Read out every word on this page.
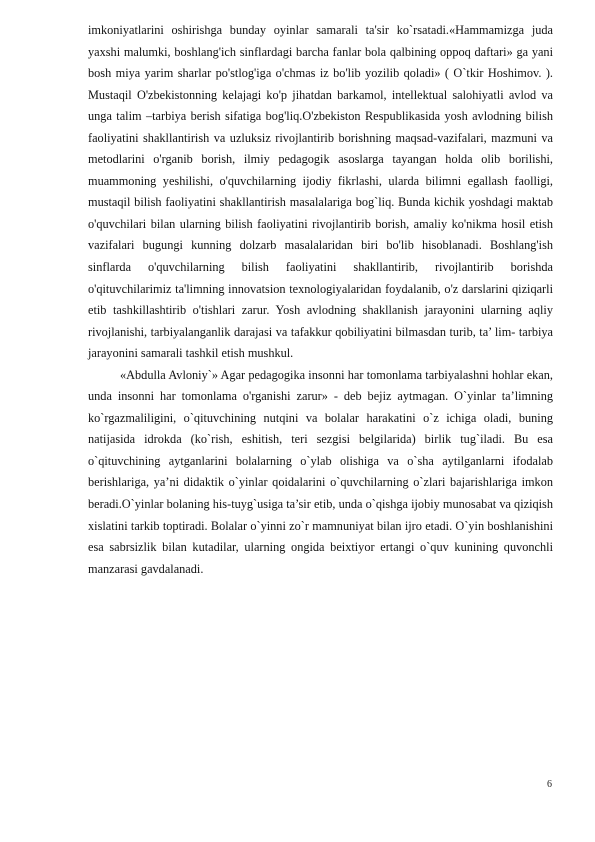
imkoniyatlarini oshirishga bunday oyinlar samarali ta'sir ko`rsatadi.«Hammamizga juda yaxshi malumki, boshlang'ich sinflardagi barcha fanlar bola qalbining oppoq daftari» ga yani bosh miya yarim sharlar po'stlog'iga o'chmas iz bo'lib yozilib qoladi» ( O`tkir Hoshimov. ). Mustaqil O'zbekistonning kelajagi ko'p jihatdan barkamol, intellektual salohiyatli avlod va unga talim –tarbiya berish sifatiga bog'liq.O'zbekiston Respublikasida yosh avlodning bilish faoliyatini shakllantirish va uzluksiz rivojlantirib borishning maqsad-vazifalari, mazmuni va metodlarini o'rganib borish, ilmiy pedagogik asoslarga tayangan holda olib borilishi, muammoning yeshilishi, o'quvchilarning ijodiy fikrlashi, ularda bilimni egallash faolligi, mustaqil bilish faoliyatini shakllantirish masalalariga bog`liq. Bunda kichik yoshdagi maktab o'quvchilari bilan ularning bilish faoliyatini rivojlantirib borish, amaliy ko'nikma hosil etish vazifalari bugungi kunning dolzarb masalalaridan biri bo'lib hisoblanadi. Boshlang'ish sinflarda o'quvchilarning bilish faoliyatini shakllantirib, rivojlantirib borishda o'qituvchilarimiz ta'limning innovatsion texnologiyalaridan foydalanib, o'z darslarini qiziqarli etib tashkillashtirib o'tishlari zarur. Yosh avlodning shakllanish jarayonini ularning aqliy rivojlanishi, tarbiyalanganlik darajasi va tafakkur qobiliyatini bilmasdan turib, ta’ lim- tarbiya jarayonini samarali tashkil etish mushkul.

«Abdulla Avloniy`» Agar pedagogika insonni har tomonlama tarbiyalashni hohlar ekan, unda insonni har tomonlama o'rganishi zarur» - deb bejiz aytmagan. O`yinlar ta’limning ko`rgazmaliligini, o`qituvchining nutqini va bolalar harakatini o`z ichiga oladi, buning natijasida idrokda (ko`rish, eshitish, teri sezgisi belgilarida) birlik tug`iladi. Bu esa o`qituvchining aytganlarini bolalarning o`ylab olishiga va o`sha aytilganlarni ifodalab berishlariga, ya’ni didaktik o`yinlar qoidalarini o`quvchilarning o`zlari bajarishlariga imkon beradi.O`yinlar bolaning his-tuyg`usiga ta’sir etib, unda o`qishga ijobiy munosabat va qiziqish xislatini tarkib toptiradi. Bolalar o`yinni zo`r mamnuniyat bilan ijro etadi. O`yin boshlanishini esa sabrsizlik bilan kutadilar, ularning ongida beixtiyor ertangi o`quv kunining quvonchli manzarasi gavdalanadi.

6
